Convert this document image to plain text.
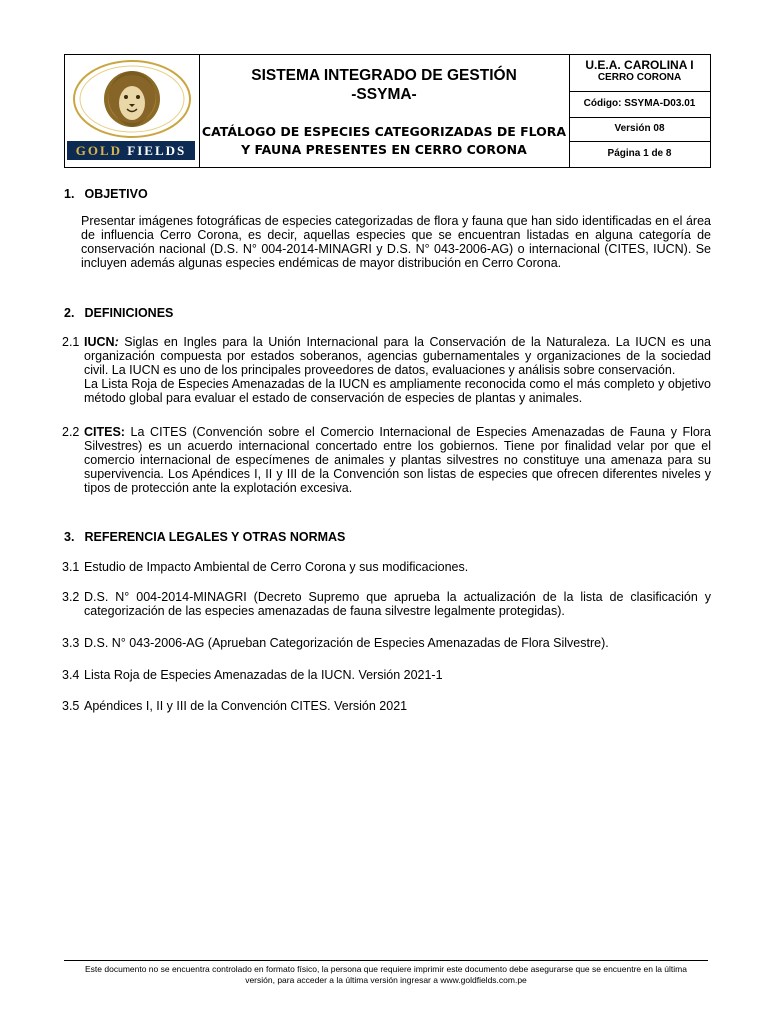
GOLD FIELDS
SISTEMA INTEGRADO DE GESTIÓN
-SSYMA-
CATÁLOGO DE ESPECIES CATEGORIZADAS DE FLORA
Y FAUNA PRESENTES EN CERRO CORONA
U.E.A. CAROLINA I
CERRO CORONA
Código: SSYMA-D03.01
Versión 08
Página 1 de 8
1. OBJETIVO
Presentar imágenes fotográficas de especies categorizadas de flora y fauna que han sido identificadas en el área de influencia Cerro Corona, es decir, aquellas especies que se encuentran listadas en alguna categoría de conservación nacional (D.S. N° 004-2014-MINAGRI y D.S. N° 043-2006-AG) o internacional (CITES, IUCN). Se incluyen además algunas especies endémicas de mayor distribución en Cerro Corona.
2. DEFINICIONES
2.1 IUCN: Siglas en Ingles para la Unión Internacional para la Conservación de la Naturaleza. La IUCN es una organización compuesta por estados soberanos, agencias gubernamentales y organizaciones de la sociedad civil. La IUCN es uno de los principales proveedores de datos, evaluaciones y análisis sobre conservación.
La Lista Roja de Especies Amenazadas de la IUCN es ampliamente reconocida como el más completo y objetivo método global para evaluar el estado de conservación de especies de plantas y animales.
2.2 CITES: La CITES (Convención sobre el Comercio Internacional de Especies Amenazadas de Fauna y Flora Silvestres) es un acuerdo internacional concertado entre los gobiernos. Tiene por finalidad velar por que el comercio internacional de especímenes de animales y plantas silvestres no constituye una amenaza para su supervivencia. Los Apéndices I, II y III de la Convención son listas de especies que ofrecen diferentes niveles y tipos de protección ante la explotación excesiva.
3. REFERENCIA LEGALES Y OTRAS NORMAS
3.1 Estudio de Impacto Ambiental de Cerro Corona y sus modificaciones.
3.2 D.S. N° 004-2014-MINAGRI (Decreto Supremo que aprueba la actualización de la lista de clasificación y categorización de las especies amenazadas de fauna silvestre legalmente protegidas).
3.3 D.S. N° 043-2006-AG (Aprueban Categorización de Especies Amenazadas de Flora Silvestre).
3.4 Lista Roja de Especies Amenazadas de la IUCN. Versión 2021-1
3.5 Apéndices I, II y III de la Convención CITES. Versión 2021
Este documento no se encuentra controlado en formato físico, la persona que requiere imprimir este documento debe asegurarse que se encuentre en la última
versión, para acceder a la última versión ingresar a www.goldfields.com.pe
